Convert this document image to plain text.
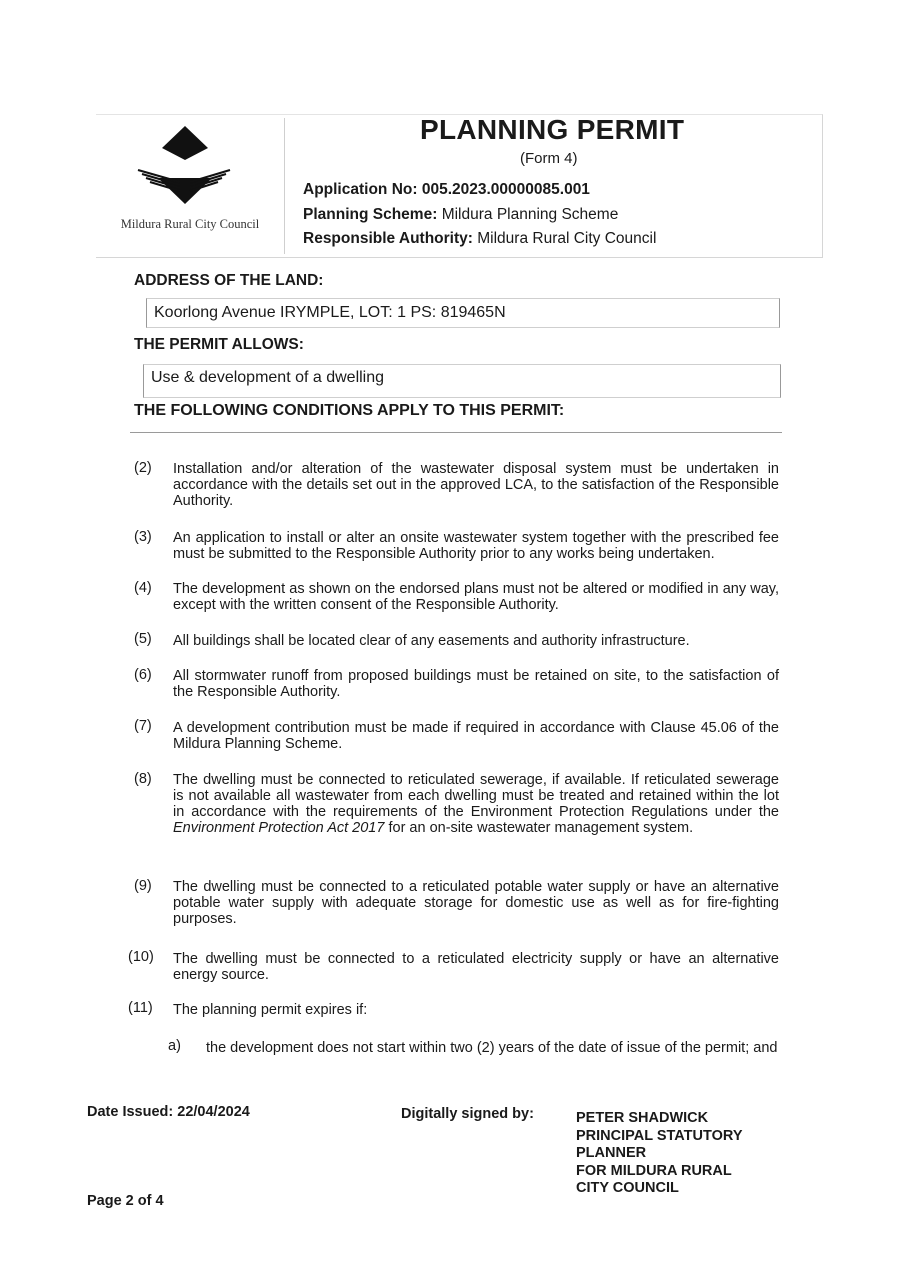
Mildura Rural City Council
PLANNING PERMIT
(Form 4)
Application No: 005.2023.00000085.001
Planning Scheme: Mildura Planning Scheme
Responsible Authority: Mildura Rural City Council
ADDRESS OF THE LAND:
Koorlong Avenue IRYMPLE, LOT: 1 PS: 819465N
THE PERMIT ALLOWS:
Use & development of a dwelling
THE FOLLOWING CONDITIONS APPLY TO THIS PERMIT:
(2) Installation and/or alteration of the wastewater disposal system must be undertaken in accordance with the details set out in the approved LCA, to the satisfaction of the Responsible Authority.
(3) An application to install or alter an onsite wastewater system together with the prescribed fee must be submitted to the Responsible Authority prior to any works being undertaken.
(4) The development as shown on the endorsed plans must not be altered or modified in any way, except with the written consent of the Responsible Authority.
(5) All buildings shall be located clear of any easements and authority infrastructure.
(6) All stormwater runoff from proposed buildings must be retained on site, to the satisfaction of the Responsible Authority.
(7) A development contribution must be made if required in accordance with Clause 45.06 of the Mildura Planning Scheme.
(8) The dwelling must be connected to reticulated sewerage, if available. If reticulated sewerage is not available all wastewater from each dwelling must be treated and retained within the lot in accordance with the requirements of the Environment Protection Regulations under the Environment Protection Act 2017 for an on-site wastewater management system.
(9) The dwelling must be connected to a reticulated potable water supply or have an alternative potable water supply with adequate storage for domestic use as well as for fire-fighting purposes.
(10) The dwelling must be connected to a reticulated electricity supply or have an alternative energy source.
(11) The planning permit expires if:
a) the development does not start within two (2) years of the date of issue of the permit; and
Date Issued: 22/04/2024	Digitally signed by:	PETER SHADWICK
PRINCIPAL STATUTORY
PLANNER
FOR MILDURA RURAL
CITY COUNCIL
Page 2 of 4
